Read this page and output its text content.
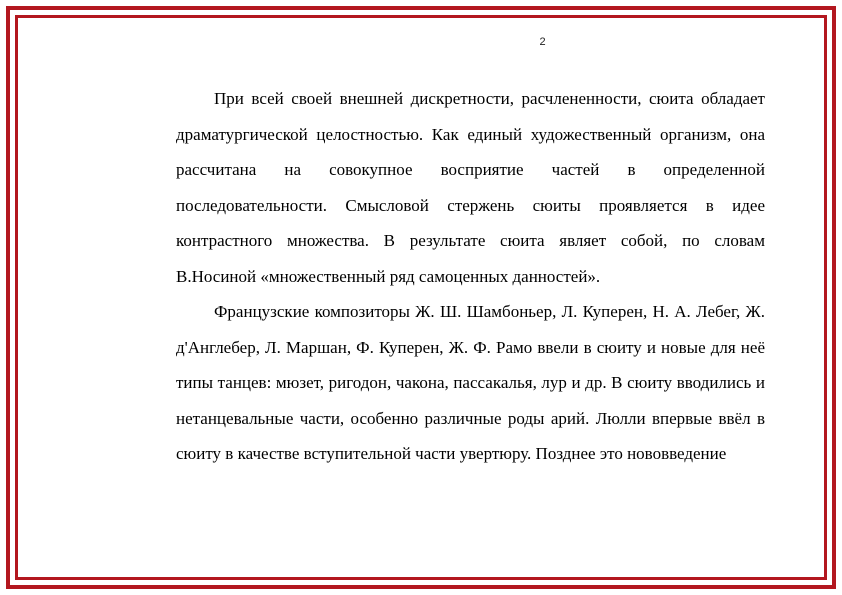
2

При всей своей внешней дискретности, расчлененности, сюита обладает драматургической целостностью. Как единый художественный организм, она рассчитана на совокупное восприятие частей в определенной последовательности. Смысловой стержень сюиты проявляется в идее контрастного множества. В результате сюита являет собой, по словам В.Носиной «множественный ряд самоценных данностей».

Французские композиторы Ж. Ш. Шамбоньер, Л. Куперен, Н. А. Лебег, Ж. д'Англебер, Л. Маршан, Ф. Куперен, Ж. Ф. Рамо ввели в сюиту и новые для неё типы танцев: мюзет, ригодон, чакона, пассакалья, лур и др. В сюиту вводились и нетанцевальные части, особенно различные роды арий. Люлли впервые ввёл в сюиту в качестве вступительной части увертюру. Позднее это нововведение
